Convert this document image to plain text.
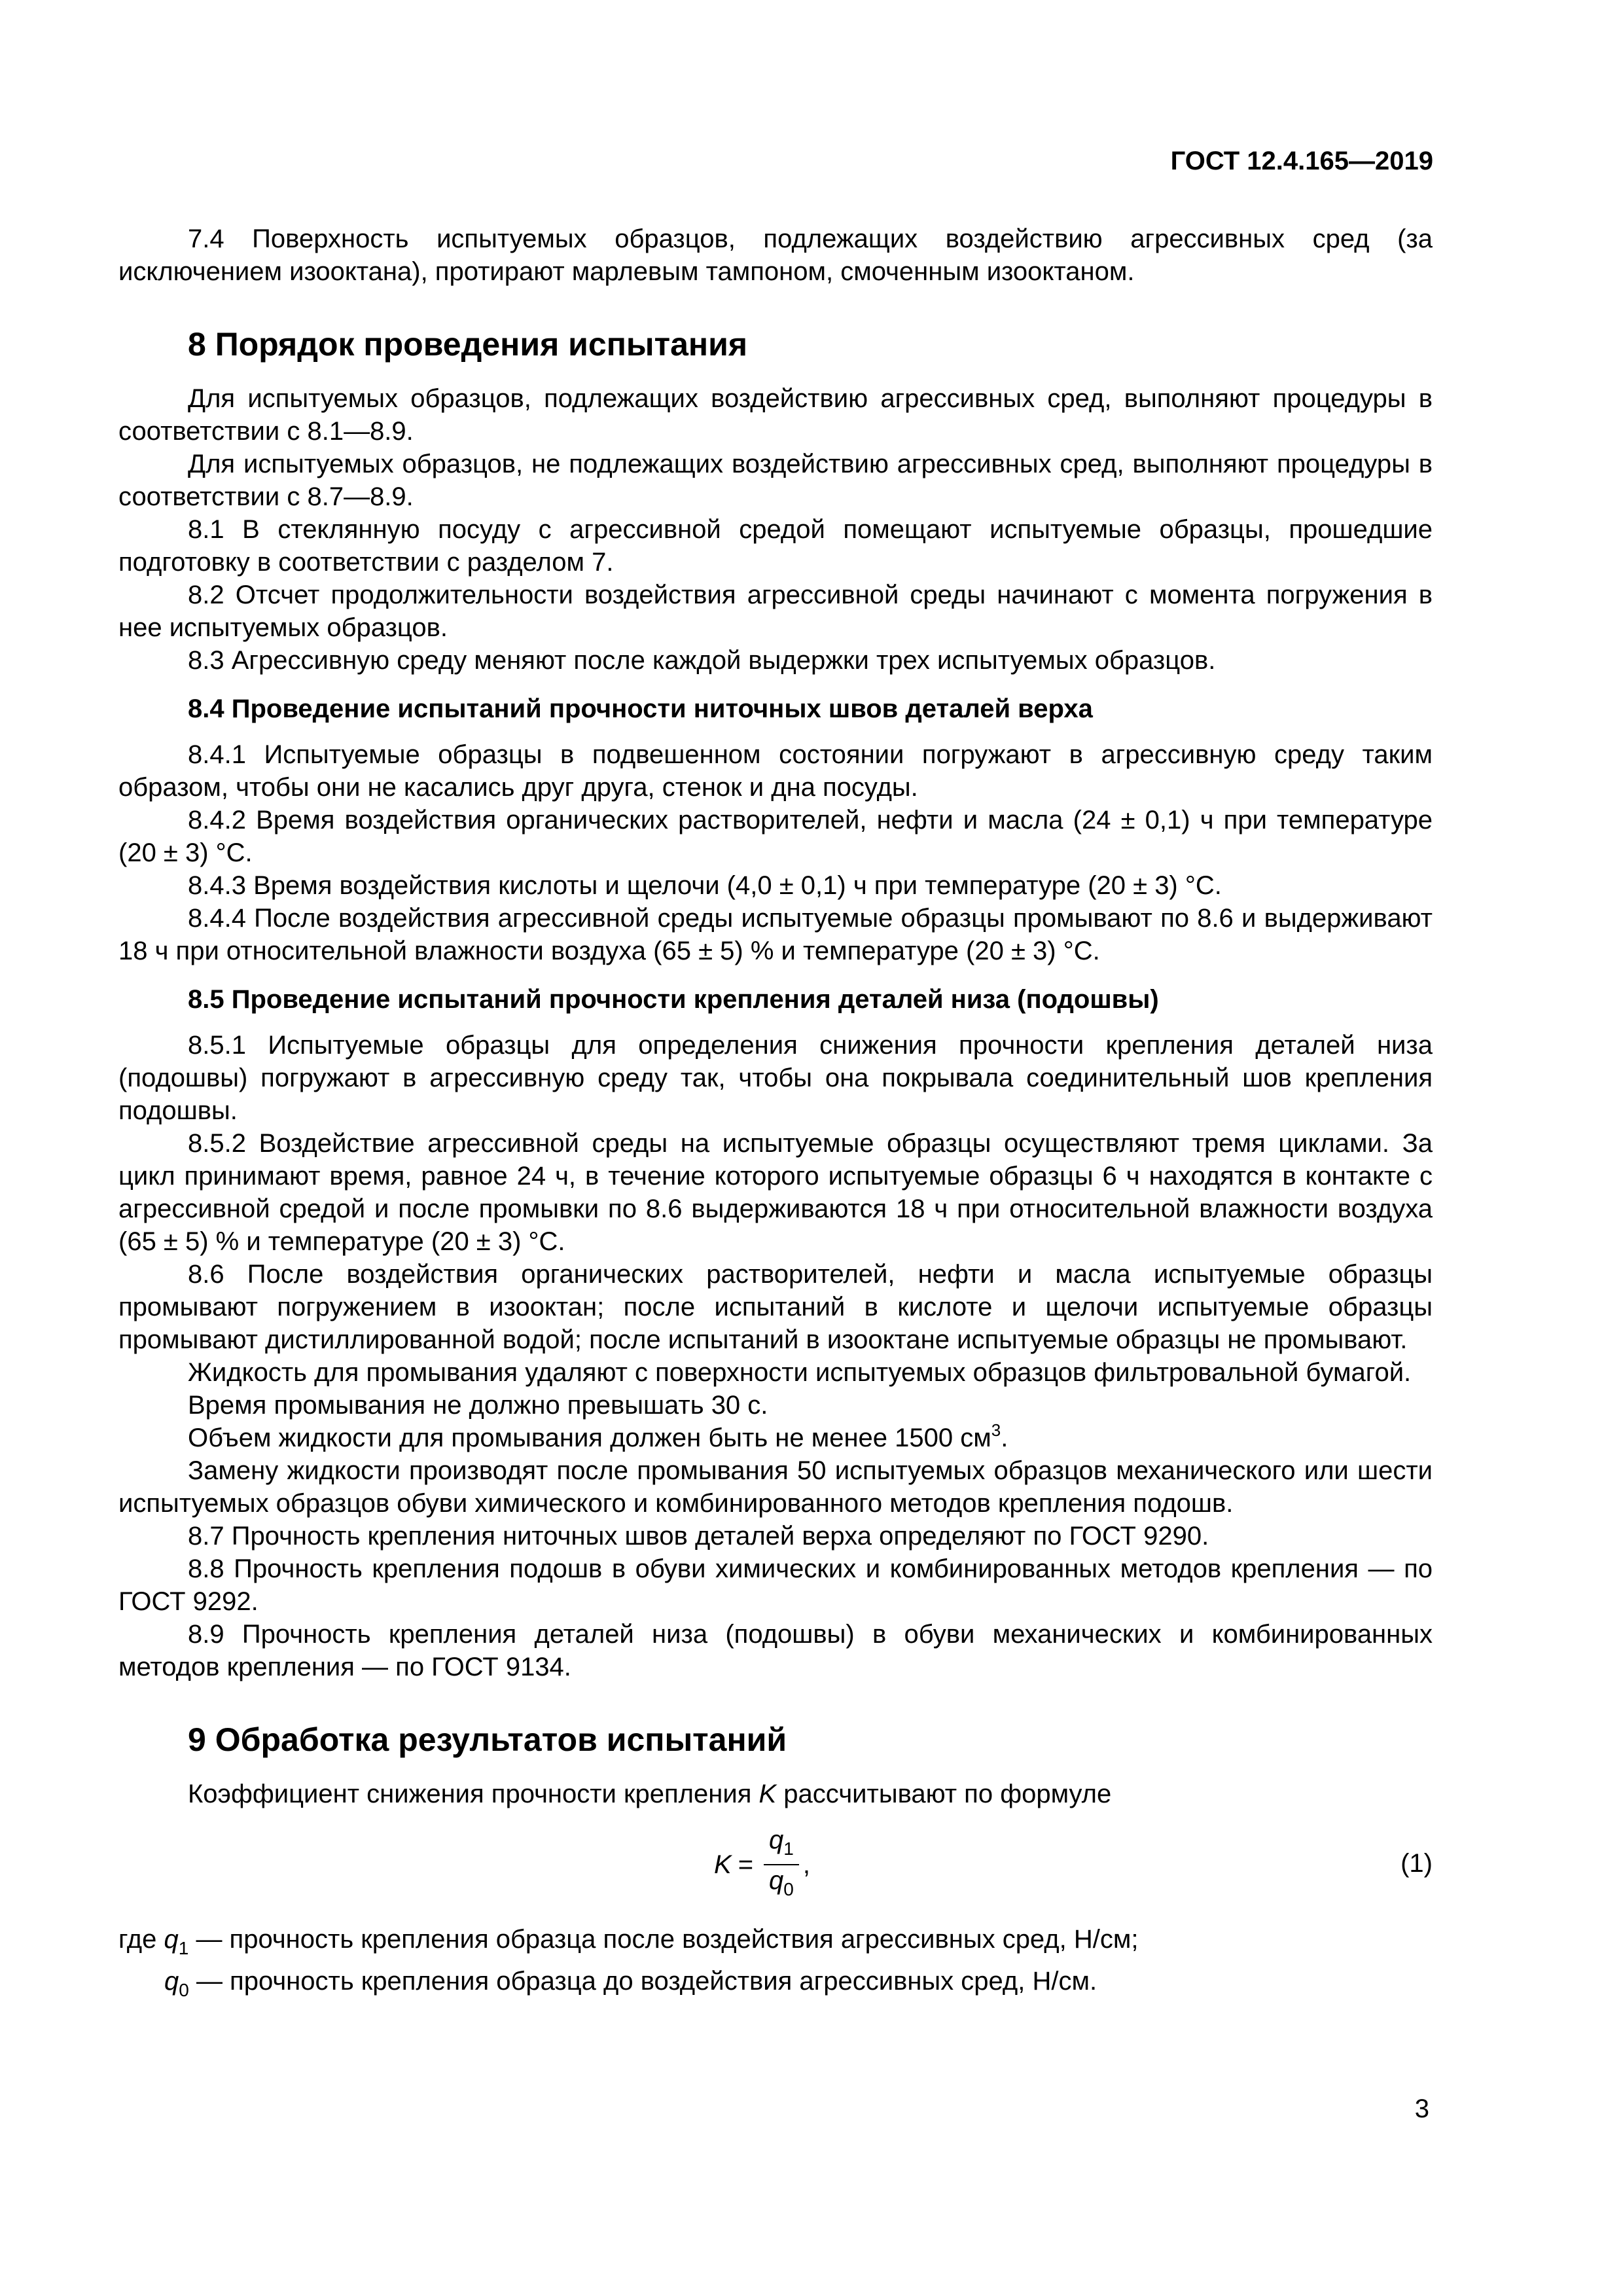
ГОСТ 12.4.165—2019

7.4 Поверхность испытуемых образцов, подлежащих воздействию агрессивных сред (за исключением изооктана), протирают марлевым тампоном, смоченным изооктаном.

8 Порядок проведения испытания

Для испытуемых образцов, подлежащих воздействию агрессивных сред, выполняют процедуры в соответствии с 8.1—8.9.

Для испытуемых образцов, не подлежащих воздействию агрессивных сред, выполняют процедуры в соответствии с 8.7—8.9.

8.1 В стеклянную посуду с агрессивной средой помещают испытуемые образцы, прошедшие подготовку в соответствии с разделом 7.

8.2 Отсчет продолжительности воздействия агрессивной среды начинают с момента погружения в нее испытуемых образцов.

8.3 Агрессивную среду меняют после каждой выдержки трех испытуемых образцов.

8.4 Проведение испытаний прочности ниточных швов деталей верха

8.4.1 Испытуемые образцы в подвешенном состоянии погружают в агрессивную среду таким образом, чтобы они не касались друг друга, стенок и дна посуды.

8.4.2 Время воздействия органических растворителей, нефти и масла (24 ± 0,1) ч при температуре (20 ± 3) °С.

8.4.3 Время воздействия кислоты и щелочи (4,0 ± 0,1) ч при температуре (20 ± 3) °С.

8.4.4 После воздействия агрессивной среды испытуемые образцы промывают по 8.6 и выдерживают 18 ч при относительной влажности воздуха (65 ± 5) % и температуре (20 ± 3) °С.

8.5 Проведение испытаний прочности крепления деталей низа (подошвы)

8.5.1 Испытуемые образцы для определения снижения прочности крепления деталей низа (подошвы) погружают в агрессивную среду так, чтобы она покрывала соединительный шов крепления подошвы.

8.5.2 Воздействие агрессивной среды на испытуемые образцы осуществляют тремя циклами. За цикл принимают время, равное 24 ч, в течение которого испытуемые образцы 6 ч находятся в контакте с агрессивной средой и после промывки по 8.6 выдерживаются 18 ч при относительной влажности воздуха (65 ± 5) % и температуре (20 ± 3) °С.

8.6 После воздействия органических растворителей, нефти и масла испытуемые образцы промывают погружением в изооктан; после испытаний в кислоте и щелочи испытуемые образцы промывают дистиллированной водой; после испытаний в изооктане испытуемые образцы не промывают.

Жидкость для промывания удаляют с поверхности испытуемых образцов фильтровальной бумагой.

Время промывания не должно превышать 30 с.

Объем жидкости для промывания должен быть не менее 1500 $см^3$.

Замену жидкости производят после промывания 50 испытуемых образцов механического или шести испытуемых образцов обуви химического и комбинированного методов крепления подошв.

8.7 Прочность крепления ниточных швов деталей верха определяют по ГОСТ 9290.

8.8 Прочность крепления подошв в обуви химических и комбинированных методов крепления — по ГОСТ 9292.

8.9 Прочность крепления деталей низа (подошвы) в обуви механических и комбинированных методов крепления — по ГОСТ 9134.

9 Обработка результатов испытаний

Коэффициент снижения прочности крепления K рассчитывают по формуле

$K = \frac{q_1}{q_0}$ ,	(1)
где $q_1$ — прочность крепления образца после воздействия агрессивных сред, Н/см;
$q_0$ — прочность крепления образца до воздействия агрессивных сред, Н/см.
3
